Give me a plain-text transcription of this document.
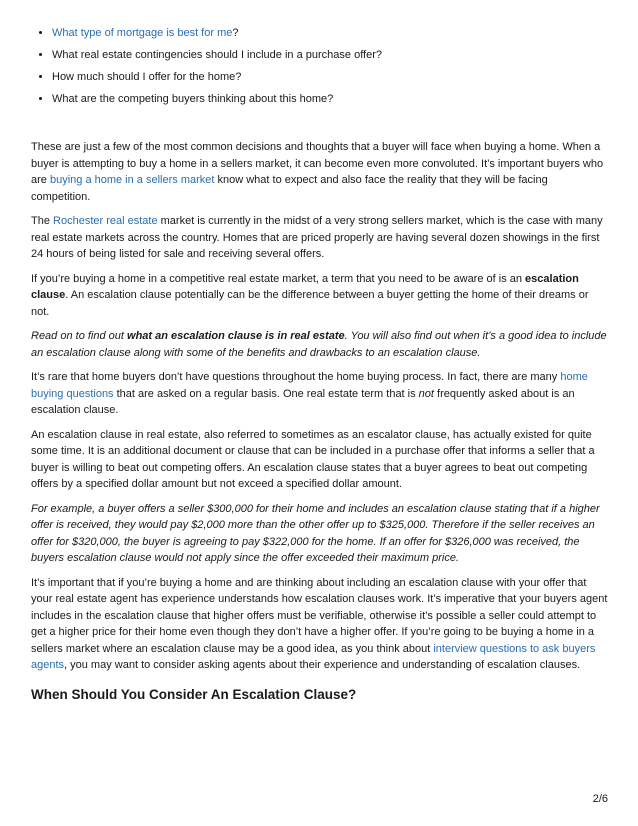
• What type of mortgage is best for me?
• What real estate contingencies should I include in a purchase offer?
• How much should I offer for the home?
• What are the competing buyers thinking about this home?

These are just a few of the most common decisions and thoughts that a buyer will face when buying a home. When a buyer is attempting to buy a home in a sellers market, it can become even more convoluted. It’s important buyers who are buying a home in a sellers market know what to expect and also face the reality that they will be facing competition.

The Rochester real estate market is currently in the midst of a very strong sellers market, which is the case with many real estate markets across the country. Homes that are priced properly are having several dozen showings in the first 24 hours of being listed for sale and receiving several offers.

If you’re buying a home in a competitive real estate market, a term that you need to be aware of is an escalation clause. An escalation clause potentially can be the difference between a buyer getting the home of their dreams or not.

Read on to find out what an escalation clause is in real estate. You will also find out when it’s a good idea to include an escalation clause along with some of the benefits and drawbacks to an escalation clause.

It’s rare that home buyers don’t have questions throughout the home buying process. In fact, there are many home buying questions that are asked on a regular basis. One real estate term that is not frequently asked about is an escalation clause.

An escalation clause in real estate, also referred to sometimes as an escalator clause, has actually existed for quite some time. It is an additional document or clause that can be included in a purchase offer that informs a seller that a buyer is willing to beat out competing offers. An escalation clause states that a buyer agrees to beat out competing offers by a specified dollar amount but not exceed a specified dollar amount.

For example, a buyer offers a seller $300,000 for their home and includes an escalation clause stating that if a higher offer is received, they would pay $2,000 more than the other offer up to $325,000. Therefore if the seller receives an offer for $320,000, the buyer is agreeing to pay $322,000 for the home. If an offer for $326,000 was received, the buyers escalation clause would not apply since the offer exceeded their maximum price.

It’s important that if you’re buying a home and are thinking about including an escalation clause with your offer that your real estate agent has experience understands how escalation clauses work. It’s imperative that your buyers agent includes in the escalation clause that higher offers must be verifiable, otherwise it’s possible a seller could attempt to get a higher price for their home even though they don’t have a higher offer. If you’re going to be buying a home in a sellers market where an escalation clause may be a good idea, as you think about interview questions to ask buyers agents, you may want to consider asking agents about their experience and understanding of escalation clauses.

When Should You Consider An Escalation Clause?
2/6
